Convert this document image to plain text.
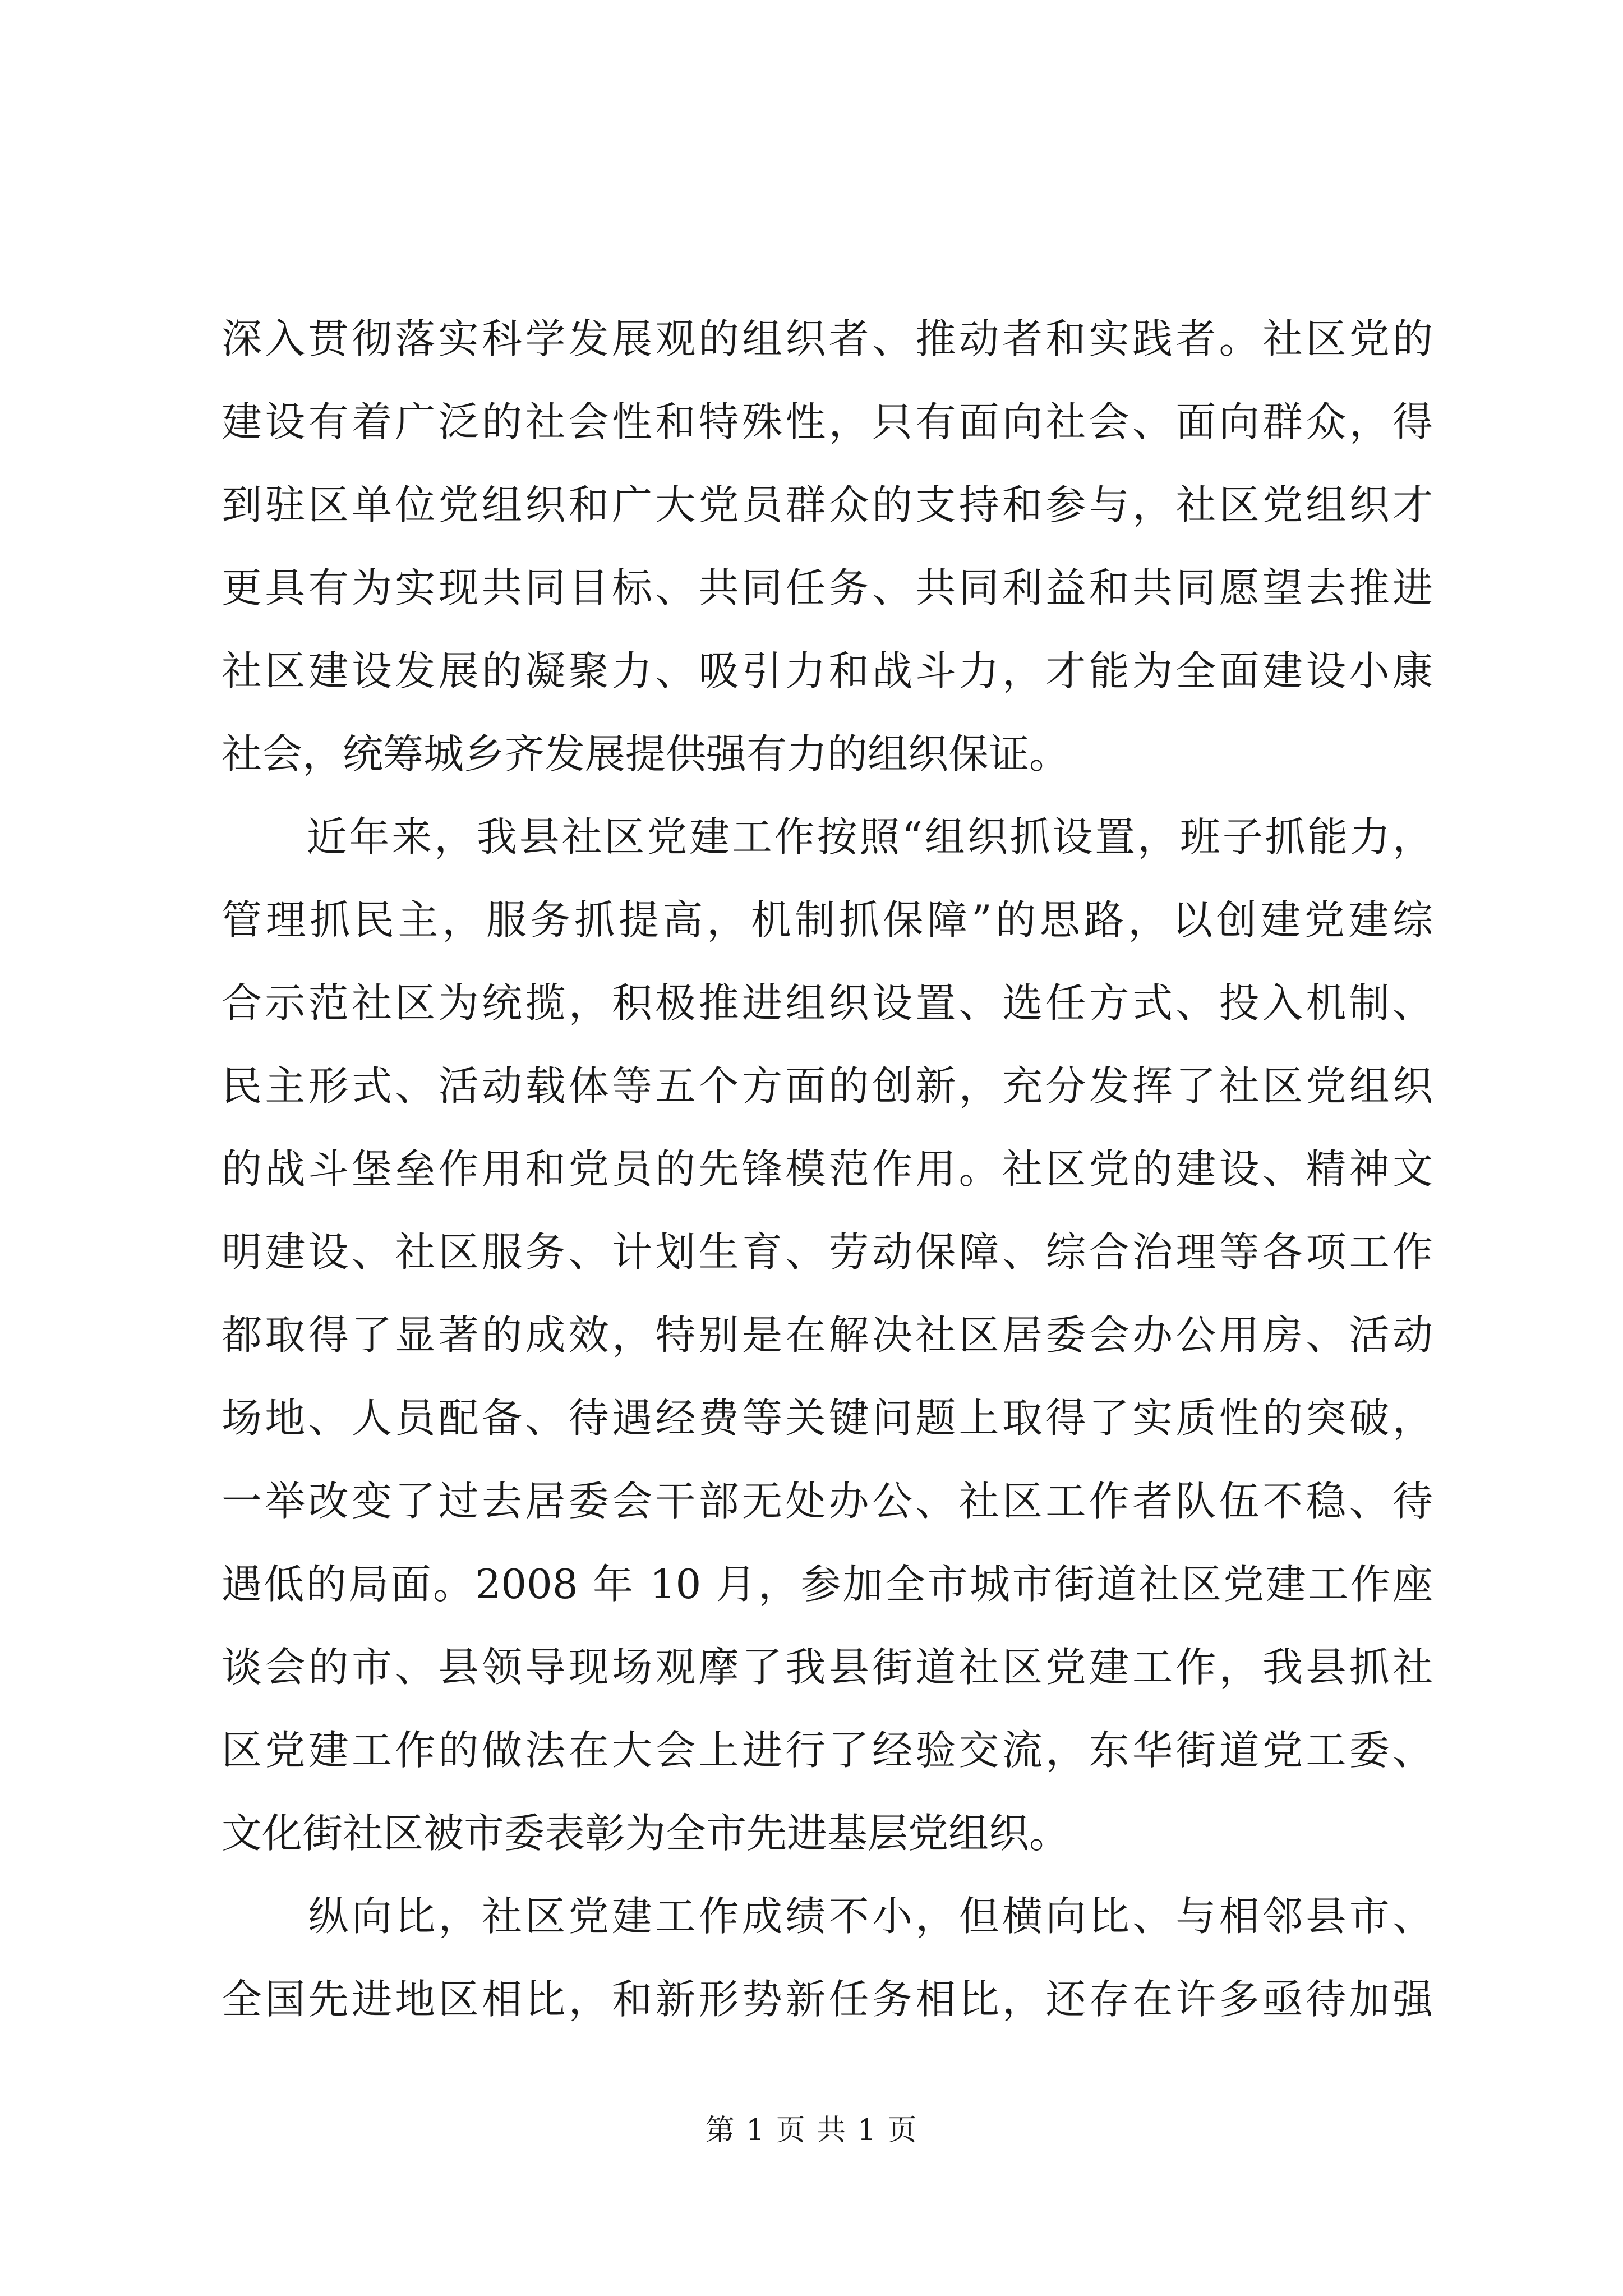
深入贯彻落实科学发展观的组织者、推动者和实践者。社区党的
建设有着广泛的社会性和特殊性，只有面向社会、面向群众，得
到驻区单位党组织和广大党员群众的支持和参与，社区党组织才
更具有为实现共同目标、共同任务、共同利益和共同愿望去推进
社区建设发展的凝聚力、吸引力和战斗力，才能为全面建设小康
社会，统筹城乡齐发展提供强有力的组织保证。
　　近年来，我县社区党建工作按照“组织抓设置，班子抓能力，
管理抓民主，服务抓提高，机制抓保障”的思路，以创建党建综
合示范社区为统揽，积极推进组织设置、选任方式、投入机制、
民主形式、活动载体等五个方面的创新，充分发挥了社区党组织
的战斗堡垒作用和党员的先锋模范作用。社区党的建设、精神文
明建设、社区服务、计划生育、劳动保障、综合治理等各项工作
都取得了显著的成效，特别是在解决社区居委会办公用房、活动
场地、人员配备、待遇经费等关键问题上取得了实质性的突破，
一举改变了过去居委会干部无处办公、社区工作者队伍不稳、待
遇低的局面。2008 年 10 月，参加全市城市街道社区党建工作座
谈会的市、县领导现场观摩了我县街道社区党建工作，我县抓社
区党建工作的做法在大会上进行了经验交流，东华街道党工委、
文化街社区被市委表彰为全市先进基层党组织。
　　纵向比，社区党建工作成绩不小，但横向比、与相邻县市、
全国先进地区相比，和新形势新任务相比，还存在许多亟待加强
第 1 页 共 1 页
